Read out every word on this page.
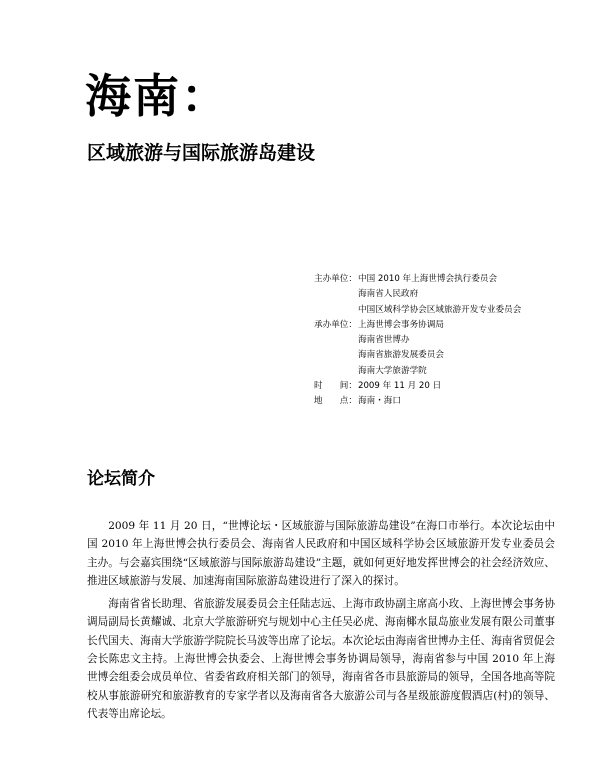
海南：
区域旅游与国际旅游岛建设
主办单位： 中国 2010 年上海世博会执行委员会
海南省人民政府
中国区域科学协会区域旅游开发专业委员会
承办单位： 上海世博会事务协调局
海南省世博办
海南省旅游发展委员会
海南大学旅游学院
时　　间： 2009 年 11 月 20 日
地　　点： 海南・海口
论坛简介

2009 年 11 月 20 日，“世博论坛・区域旅游与国际旅游岛建设”在海口市举行。本次论坛由中国 2010 年上海世博会执行委员会、海南省人民政府和中国区域科学协会区域旅游开发专业委员会主办。与会嘉宾围绕“区域旅游与国际旅游岛建设”主题，就如何更好地发挥世博会的社会经济效应、推进区域旅游与发展、加速海南国际旅游岛建设进行了深入的探讨。

海南省省长助理、省旅游发展委员会主任陆志远、上海市政协副主席高小玫、上海世博会事务协调局副局长黄耀诚、北京大学旅游研究与规划中心主任吴必虎、海南椰水鼠岛旅业发展有限公司董事长代国夫、海南大学旅游学院院长马波等出席了论坛。本次论坛由海南省世博办主任、海南省贸促会会长陈忠文主持。上海世博会执委会、上海世博会事务协调局领导，海南省参与中国 2010 年上海世博会组委会成员单位、省委省政府相关部门的领导，海南省各市县旅游局的领导，全国各地高等院校从事旅游研究和旅游教育的专家学者以及海南省各大旅游公司与各星级旅游度假酒店(村)的领导、代表等出席论坛。
